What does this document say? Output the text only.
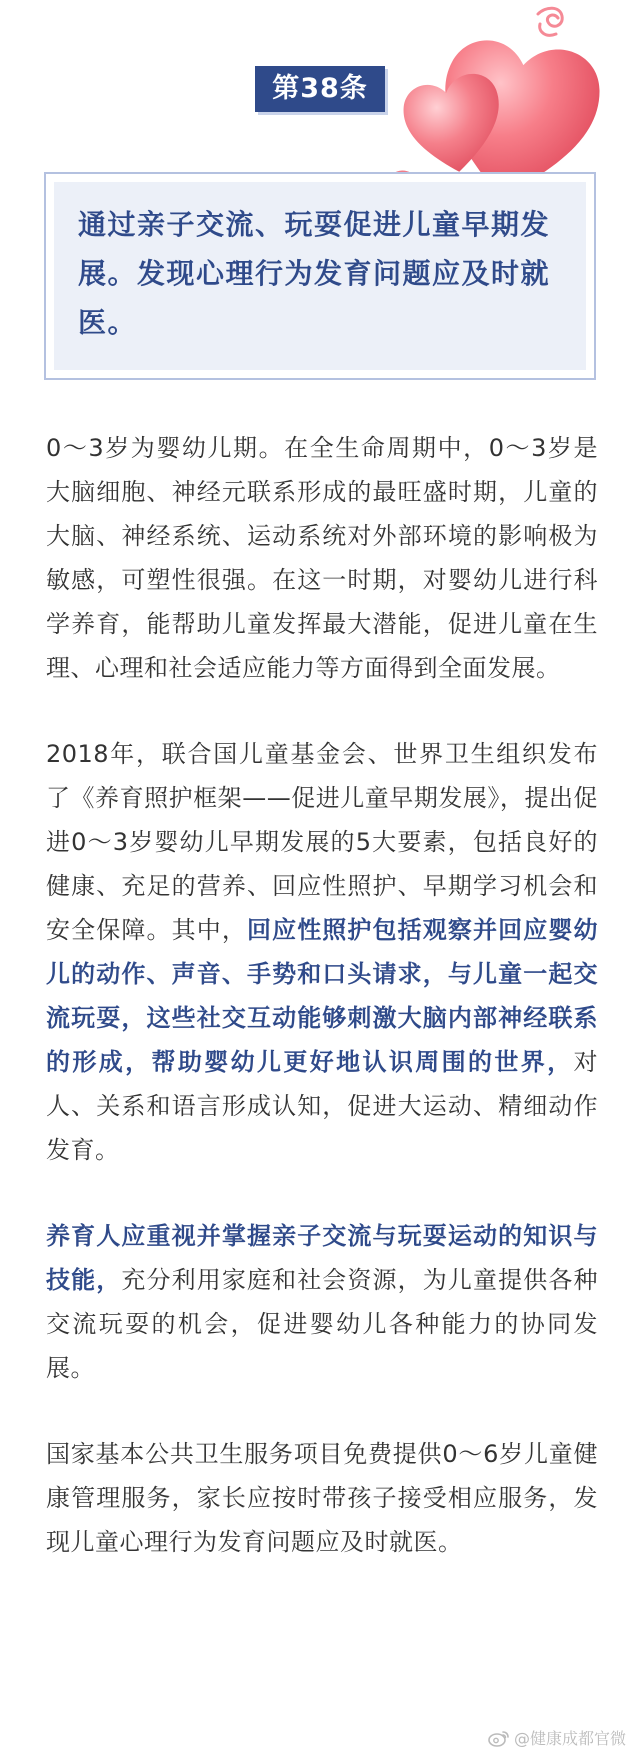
第38条

通过亲子交流、玩耍促进儿童早期发展。发现心理行为发育问题应及时就医。

0～3岁为婴幼儿期。在全生命周期中，0～3岁是大脑细胞、神经元联系形成的最旺盛时期，儿童的大脑、神经系统、运动系统对外部环境的影响极为敏感，可塑性很强。在这一时期，对婴幼儿进行科学养育，能帮助儿童发挥最大潜能，促进儿童在生理、心理和社会适应能力等方面得到全面发展。

2018年，联合国儿童基金会、世界卫生组织发布了《养育照护框架——促进儿童早期发展》，提出促进0～3岁婴幼儿早期发展的5大要素，包括良好的健康、充足的营养、回应性照护、早期学习机会和安全保障。其中，回应性照护包括观察并回应婴幼儿的动作、声音、手势和口头请求，与儿童一起交流玩耍，这些社交互动能够刺激大脑内部神经联系的形成，帮助婴幼儿更好地认识周围的世界，对人、关系和语言形成认知，促进大运动、精细动作发育。

养育人应重视并掌握亲子交流与玩耍运动的知识与技能，充分利用家庭和社会资源，为儿童提供各种交流玩耍的机会，促进婴幼儿各种能力的协同发展。

国家基本公共卫生服务项目免费提供0～6岁儿童健康管理服务，家长应按时带孩子接受相应服务，发现儿童心理行为发育问题应及时就医。

@健康成都官微
